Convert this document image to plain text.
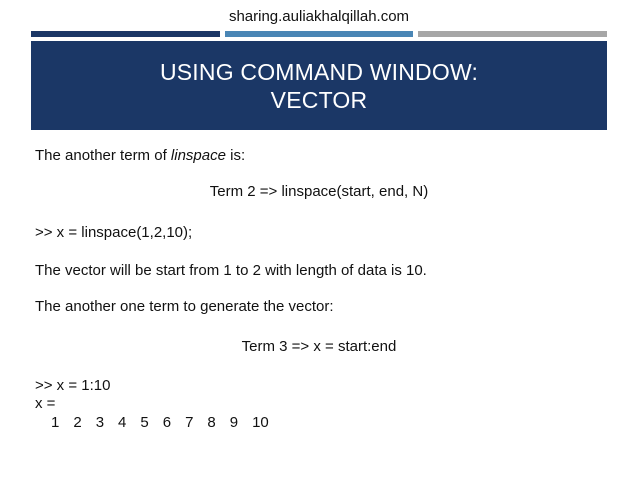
sharing.auliakhalqillah.com
USING COMMAND WINDOW:
VECTOR
The another term of linspace is:
Term 2 => linspace(start, end, N)
>> x = linspace(1,2,10);
The vector will be start from 1 to 2 with length of data is 10.
The another one term to generate the vector:
Term 3 => x = start:end
>> x = 1:10
x =
1 2 3 4 5 6 7 8 9 10
